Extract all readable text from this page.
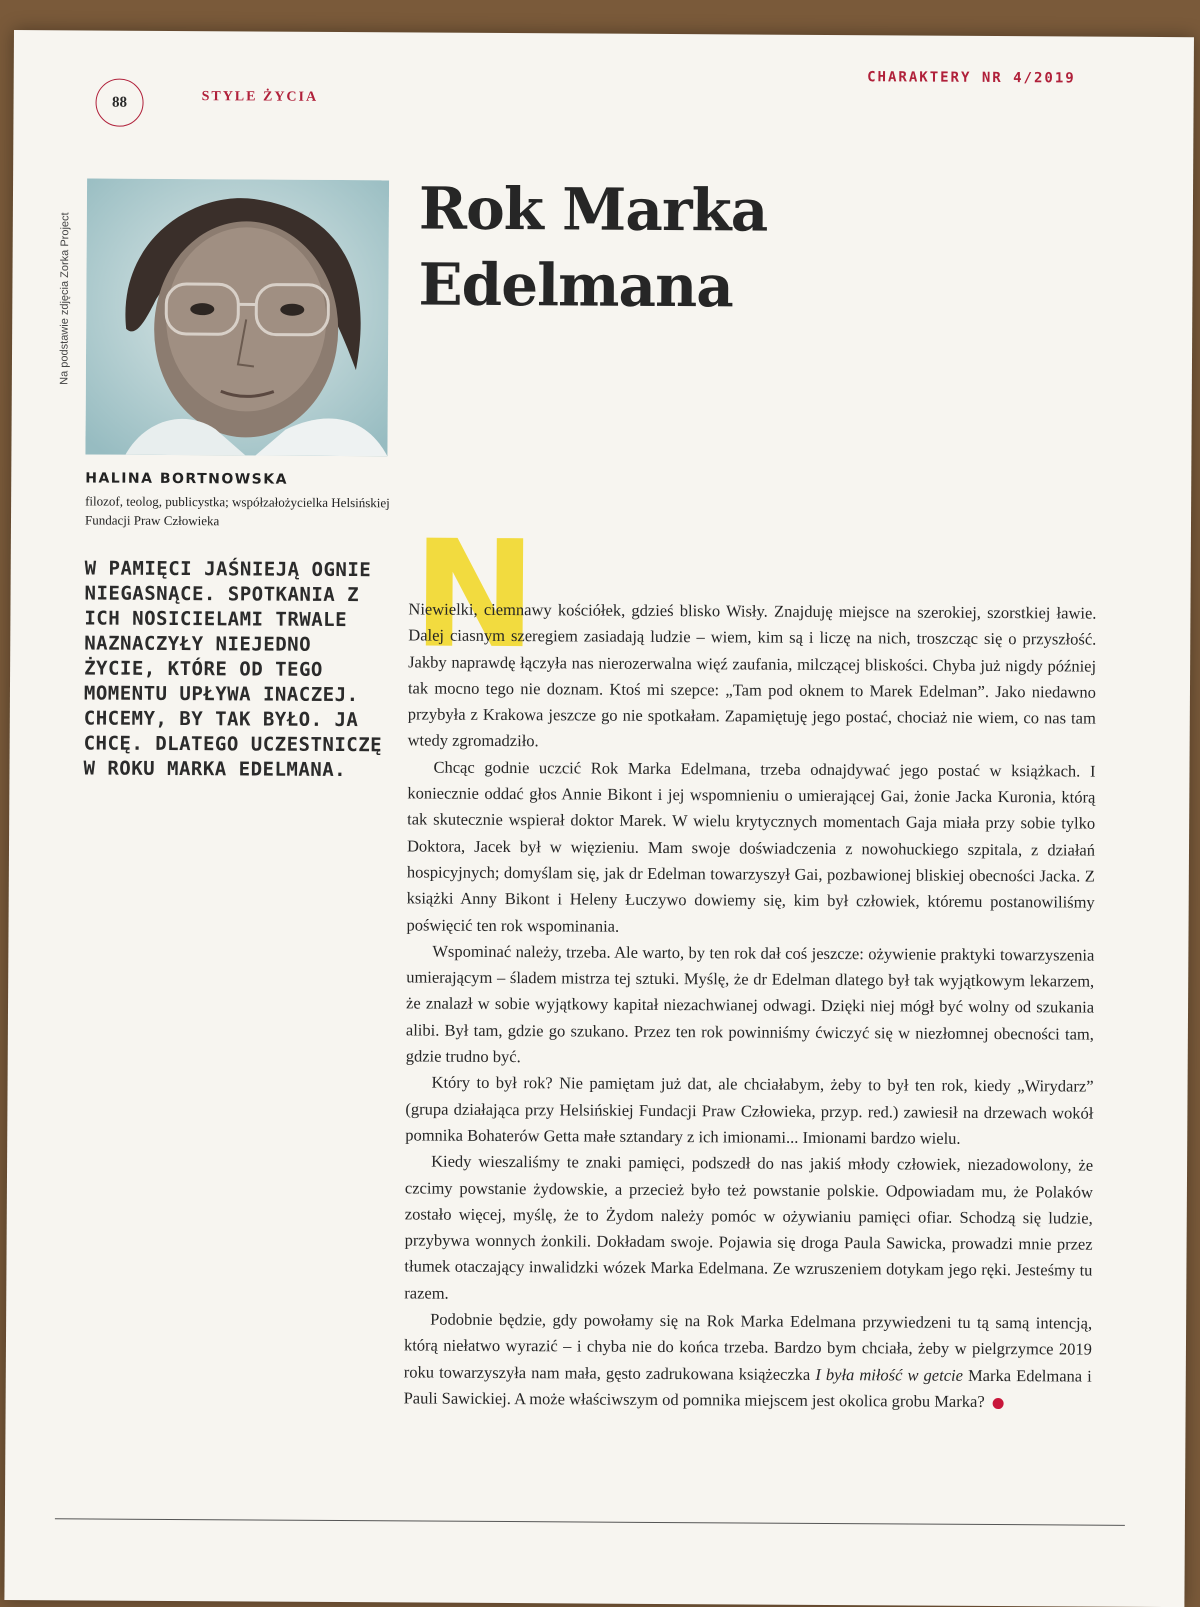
88	STYLE ŻYCIA
CHARAKTERY NR 4/2019
Na podstawie zdjęcia Zorka Project
HALINA BORTNOWSKA
filozof, teolog, publicystka; współzałożycielka Helsińskiej Fundacji Praw Człowieka
W PAMIĘCI JAŚNIEJĄ OGNIE NIEGASNĄCE. SPOTKANIA Z ICH NOSICIELAMI TRWALE NAZNACZYŁY NIEJEDNO ŻYCIE, KTÓRE OD TEGO MOMENTU UPŁYWA INACZEJ. CHCEMY, BY TAK BYŁO. JA CHCĘ. DLATEGO UCZESTNICZĘ W ROKU MARKA EDELMANA.
Rok Marka Edelmana
N

Niewielki, ciemnawy kościółek, gdzieś blisko Wisły. Znajduję miejsce na szerokiej, szorstkiej ławie. Dalej ciasnym szeregiem zasiadają ludzie – wiem, kim są i liczę na nich, troszcząc się o przyszłość. Jakby naprawdę łączyła nas nierozerwalna więź zaufania, milczącej bliskości. Chyba już nigdy później tak mocno tego nie doznam. Ktoś mi szepce: „Tam pod oknem to Marek Edelman”. Jako niedawno przybyła z Krakowa jeszcze go nie spotkałam. Zapamiętuję jego postać, chociaż nie wiem, co nas tam wtedy zgromadziło.

Chcąc godnie uczcić Rok Marka Edelmana, trzeba odnajdywać jego postać w książkach. I koniecznie oddać głos Annie Bikont i jej wspomnieniu o umierającej Gai, żonie Jacka Kuronia, którą tak skutecznie wspierał doktor Marek. W wielu krytycznych momentach Gaja miała przy sobie tylko Doktora, Jacek był w więzieniu. Mam swoje doświadczenia z nowohuckiego szpitala, z działań hospicyjnych; domyślam się, jak dr Edelman towarzyszył Gai, pozbawionej bliskiej obecności Jacka. Z książki Anny Bikont i Heleny Łuczywo dowiemy się, kim był człowiek, któremu postanowiliśmy poświęcić ten rok wspominania.

Wspominać należy, trzeba. Ale warto, by ten rok dał coś jeszcze: ożywienie praktyki towarzyszenia umierającym – śladem mistrza tej sztuki. Myślę, że dr Edelman dlatego był tak wyjątkowym lekarzem, że znalazł w sobie wyjątkowy kapitał niezachwianej odwagi. Dzięki niej mógł być wolny od szukania alibi. Był tam, gdzie go szukano. Przez ten rok powinniśmy ćwiczyć się w niezłomnej obecności tam, gdzie trudno być.

Który to był rok? Nie pamiętam już dat, ale chciałabym, żeby to był ten rok, kiedy „Wirydarz” (grupa działająca przy Helsińskiej Fundacji Praw Człowieka, przyp. red.) zawiesił na drzewach wokół pomnika Bohaterów Getta małe sztandary z ich imionami... Imionami bardzo wielu.

Kiedy wieszaliśmy te znaki pamięci, podszedł do nas jakiś młody człowiek, niezadowolony, że czcimy powstanie żydowskie, a przecież było też powstanie polskie. Odpowiadam mu, że Polaków zostało więcej, myślę, że to Żydom należy pomóc w ożywianiu pamięci ofiar. Schodzą się ludzie, przybywa wonnych żonkili. Dokładam swoje. Pojawia się droga Paula Sawicka, prowadzi mnie przez tłumek otaczający inwalidzki wózek Marka Edelmana. Ze wzruszeniem dotykam jego ręki. Jesteśmy tu razem.

Podobnie będzie, gdy powołamy się na Rok Marka Edelmana przywiedzeni tu tą samą intencją, którą niełatwo wyrazić – i chyba nie do końca trzeba. Bardzo bym chciała, żeby w pielgrzymce 2019 roku towarzyszyła nam mała, gęsto zadrukowana książeczka I była miłość w getcie Marka Edelmana i Pauli Sawickiej. A może właściwszym od pomnika miejscem jest okolica grobu Marka?
